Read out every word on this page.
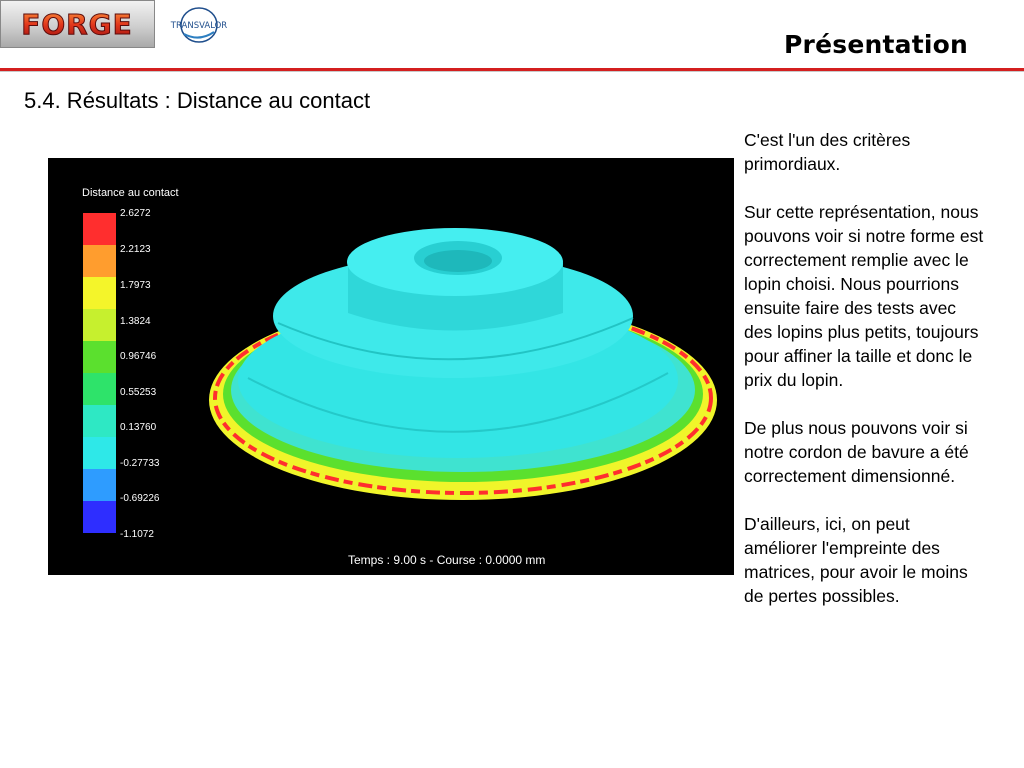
FORGE	TRANSVALOR
Présentation
5.4. Résultats : Distance au contact
Distance au contact
2.6272
2.2123
1.7973
1.3824
0.96746
0.55253
0.13760
-0.27733
-0.69226
-1.1072
Temps : 9.00 s - Course : 0.0000 mm

C'est l'un des critères primordiaux.

Sur cette représentation, nous pouvons voir si notre forme est correctement remplie avec le lopin choisi. Nous pourrions ensuite faire des tests avec des lopins plus petits, toujours pour affiner la taille et donc le prix du lopin.

De plus nous pouvons voir si notre cordon de bavure a été correctement dimensionné.

D'ailleurs, ici, on peut améliorer l'empreinte des matrices, pour avoir le moins de pertes possibles.
